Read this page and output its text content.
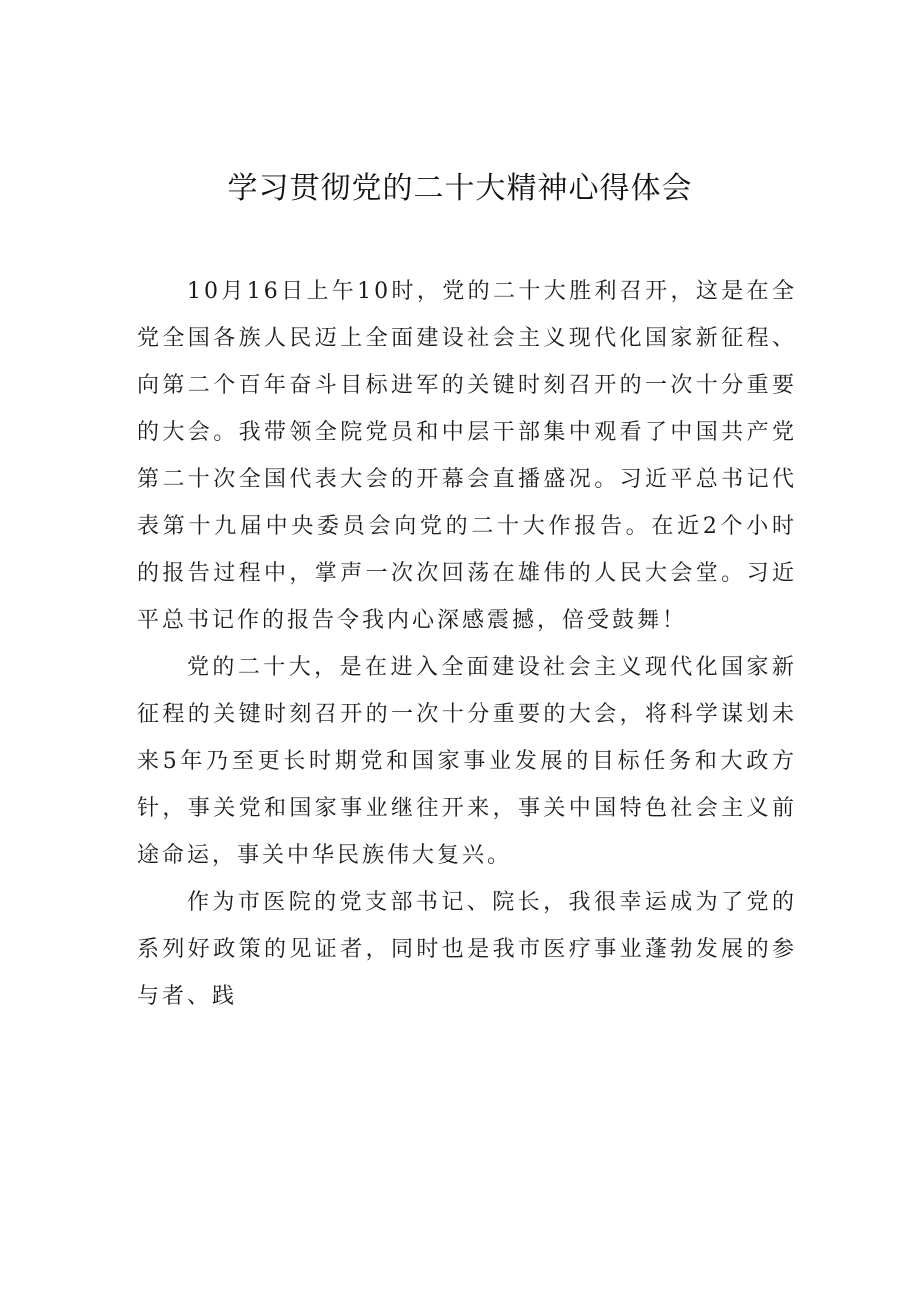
学习贯彻党的二十大精神心得体会

10月16日上午10时，党的二十大胜利召开，这是在全党全国各族人民迈上全面建设社会主义现代化国家新征程、向第二个百年奋斗目标进军的关键时刻召开的一次十分重要的大会。我带领全院党员和中层干部集中观看了中国共产党第二十次全国代表大会的开幕会直播盛况。习近平总书记代表第十九届中央委员会向党的二十大作报告。在近2个小时的报告过程中，掌声一次次回荡在雄伟的人民大会堂。习近平总书记作的报告令我内心深感震撼，倍受鼓舞！

党的二十大，是在进入全面建设社会主义现代化国家新征程的关键时刻召开的一次十分重要的大会，将科学谋划未来5年乃至更长时期党和国家事业发展的目标任务和大政方针，事关党和国家事业继往开来，事关中国特色社会主义前途命运，事关中华民族伟大复兴。

作为市医院的党支部书记、院长，我很幸运成为了党的系列好政策的见证者，同时也是我市医疗事业蓬勃发展的参与者、践
